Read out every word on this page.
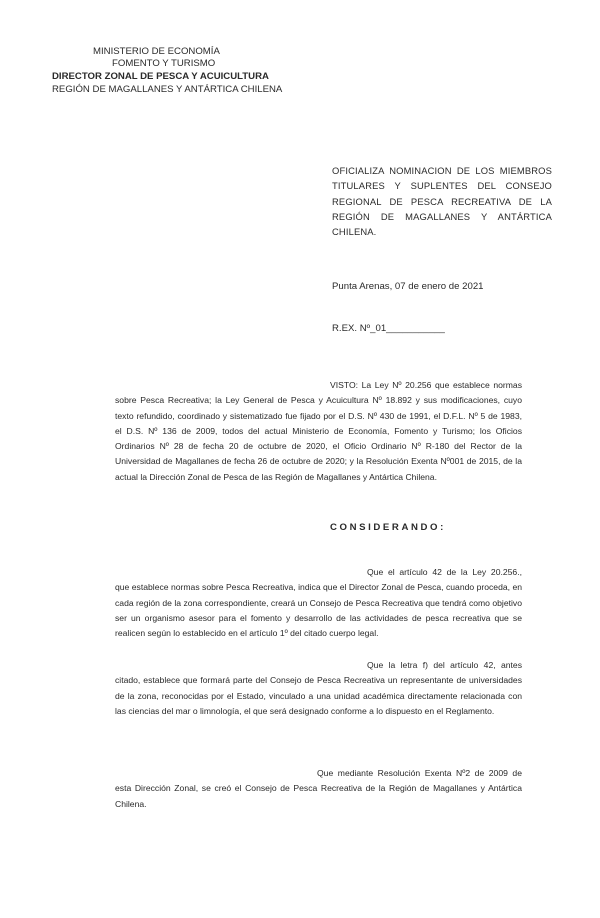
MINISTERIO DE ECONOMÍA
FOMENTO Y TURISMO
DIRECTOR ZONAL DE PESCA Y ACUICULTURA
REGIÓN DE MAGALLANES Y ANTÁRTICA CHILENA
OFICIALIZA NOMINACION DE LOS MIEMBROS TITULARES Y SUPLENTES DEL CONSEJO REGIONAL DE PESCA RECREATIVA DE LA REGIÓN DE MAGALLANES Y ANTÁRTICA CHILENA.
Punta Arenas, 07 de enero de 2021
R.EX. Nº_01___________
VISTO: La Ley Nº 20.256 que establece normas sobre Pesca Recreativa; la Ley General de Pesca y Acuicultura Nº 18.892 y sus modificaciones, cuyo texto refundido, coordinado y sistematizado fue fijado por el D.S. Nº 430 de 1991, el D.F.L. Nº 5 de 1983, el D.S. Nº 136 de 2009, todos del actual Ministerio de Economía, Fomento y Turismo; los Oficios Ordinarios Nº 28 de fecha 20 de octubre de 2020, el Oficio Ordinario Nº R-180 del Rector de la Universidad de Magallanes de fecha 26 de octubre de 2020; y la Resolución Exenta Nº001 de 2015, de la actual la Dirección Zonal de Pesca de las Región de Magallanes y Antártica Chilena.
CONSIDERANDO:
Que el artículo 42 de la Ley 20.256., que establece normas sobre Pesca Recreativa, indica que el Director Zonal de Pesca, cuando proceda, en cada región de la zona correspondiente, creará un Consejo de Pesca Recreativa que tendrá como objetivo ser un organismo asesor para el fomento y desarrollo de las actividades de pesca recreativa que se realicen según lo establecido en el artículo 1º del citado cuerpo legal.
Que la letra f) del artículo 42, antes citado, establece que formará parte del Consejo de Pesca Recreativa un representante de universidades de la zona, reconocidas por el Estado, vinculado a una unidad académica directamente relacionada con las ciencias del mar o limnología, el que será designado conforme a lo dispuesto en el Reglamento.
Que mediante Resolución Exenta Nº2 de 2009 de esta Dirección Zonal, se creó el Consejo de Pesca Recreativa de la Región de Magallanes y Antártica Chilena.
